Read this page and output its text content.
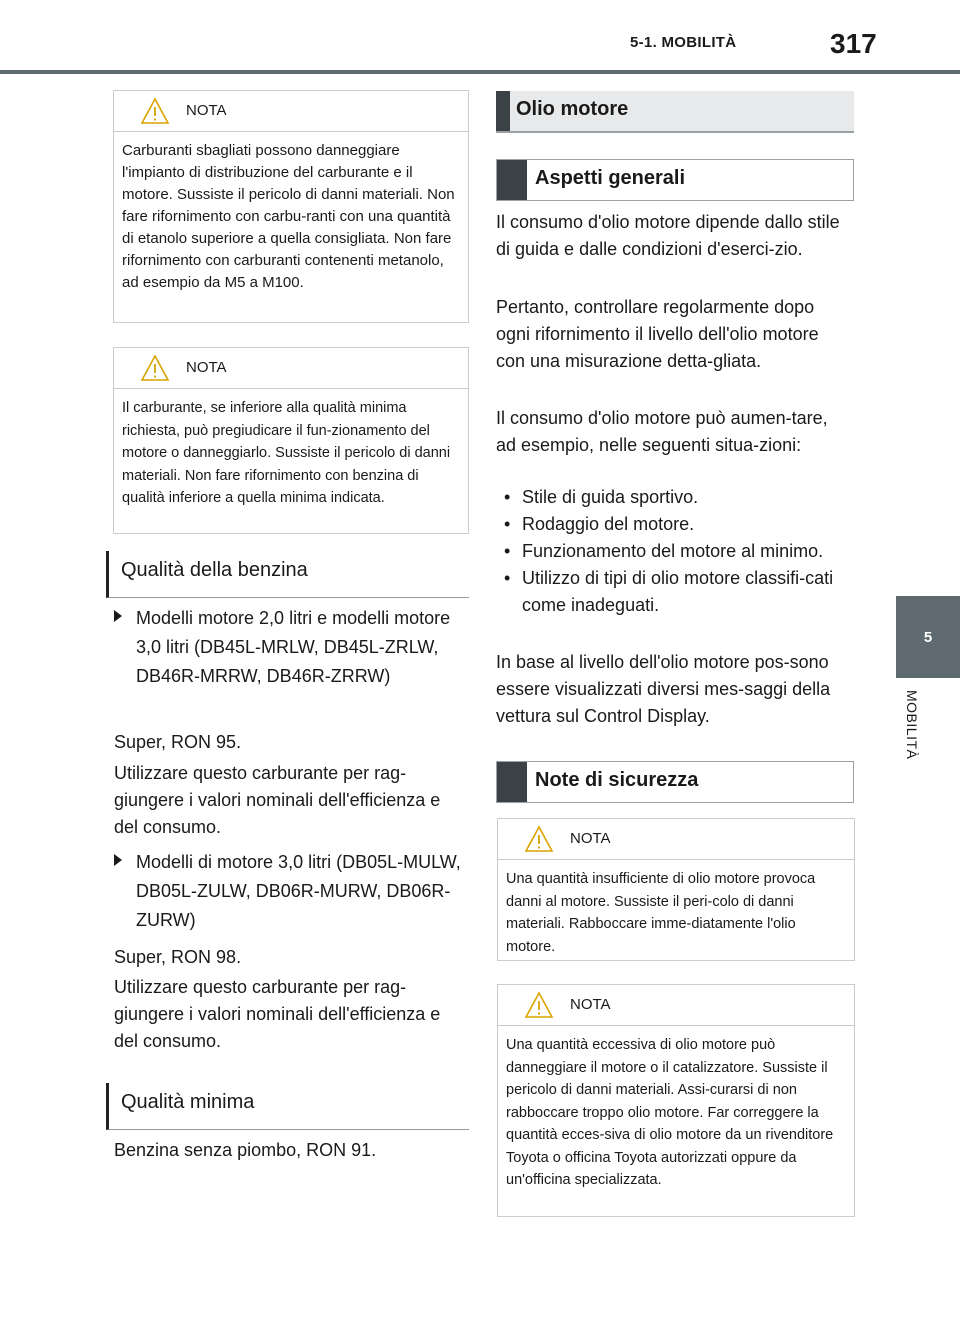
5-1. MOBILITÀ	317
5
MOBILITÀ
NOTA
Carburanti sbagliati possono danneggiare l'impianto di distribuzione del carburante e il motore. Sussiste il pericolo di danni materiali. Non fare rifornimento con carbu-ranti con una quantità di etanolo superiore a quella consigliata. Non fare rifornimento con carburanti contenenti metanolo, ad esempio da M5 a M100.
NOTA
Il carburante, se inferiore alla qualità minima richiesta, può pregiudicare il fun-zionamento del motore o danneggiarlo. Sussiste il pericolo di danni materiali. Non fare rifornimento con benzina di qualità inferiore a quella minima indicata.
Qualità della benzina
Modelli motore 2,0 litri e modelli motore 3,0 litri (DB45L-MRLW, DB45L-ZRLW, DB46R-MRRW, DB46R-ZRRW)

Super, RON 95.

Utilizzare questo carburante per rag-giungere i valori nominali dell'efficienza e del consumo.

Modelli di motore 3,0 litri (DB05L-MULW, DB05L-ZULW, DB06R-MURW, DB06R-ZURW)

Super, RON 98.

Utilizzare questo carburante per rag-giungere i valori nominali dell'efficienza e del consumo.

Qualità minima

Benzina senza piombo, RON 91.

Olio motore
Aspetti generali

Il consumo d'olio motore dipende dallo stile di guida e dalle condizioni d'eserci-zio.

Pertanto, controllare regolarmente dopo ogni rifornimento il livello dell'olio motore con una misurazione detta-gliata.

Il consumo d'olio motore può aumen-tare, ad esempio, nelle seguenti situa-zioni:

• Stile di guida sportivo.
• Rodaggio del motore.
• Funzionamento del motore al minimo.
• Utilizzo di tipi di olio motore classifi-cati come inadeguati.

In base al livello dell'olio motore pos-sono essere visualizzati diversi mes-saggi della vettura sul Control Display.

Note di sicurezza
NOTA
Una quantità insufficiente di olio motore provoca danni al motore. Sussiste il peri-colo di danni materiali. Rabboccare imme-diatamente l'olio motore.
NOTA
Una quantità eccessiva di olio motore può danneggiare il motore o il catalizzatore. Sussiste il pericolo di danni materiali. Assi-curarsi di non rabboccare troppo olio motore. Far correggere la quantità ecces-siva di olio motore da un rivenditore Toyota o officina Toyota autorizzati oppure da un'officina specializzata.
